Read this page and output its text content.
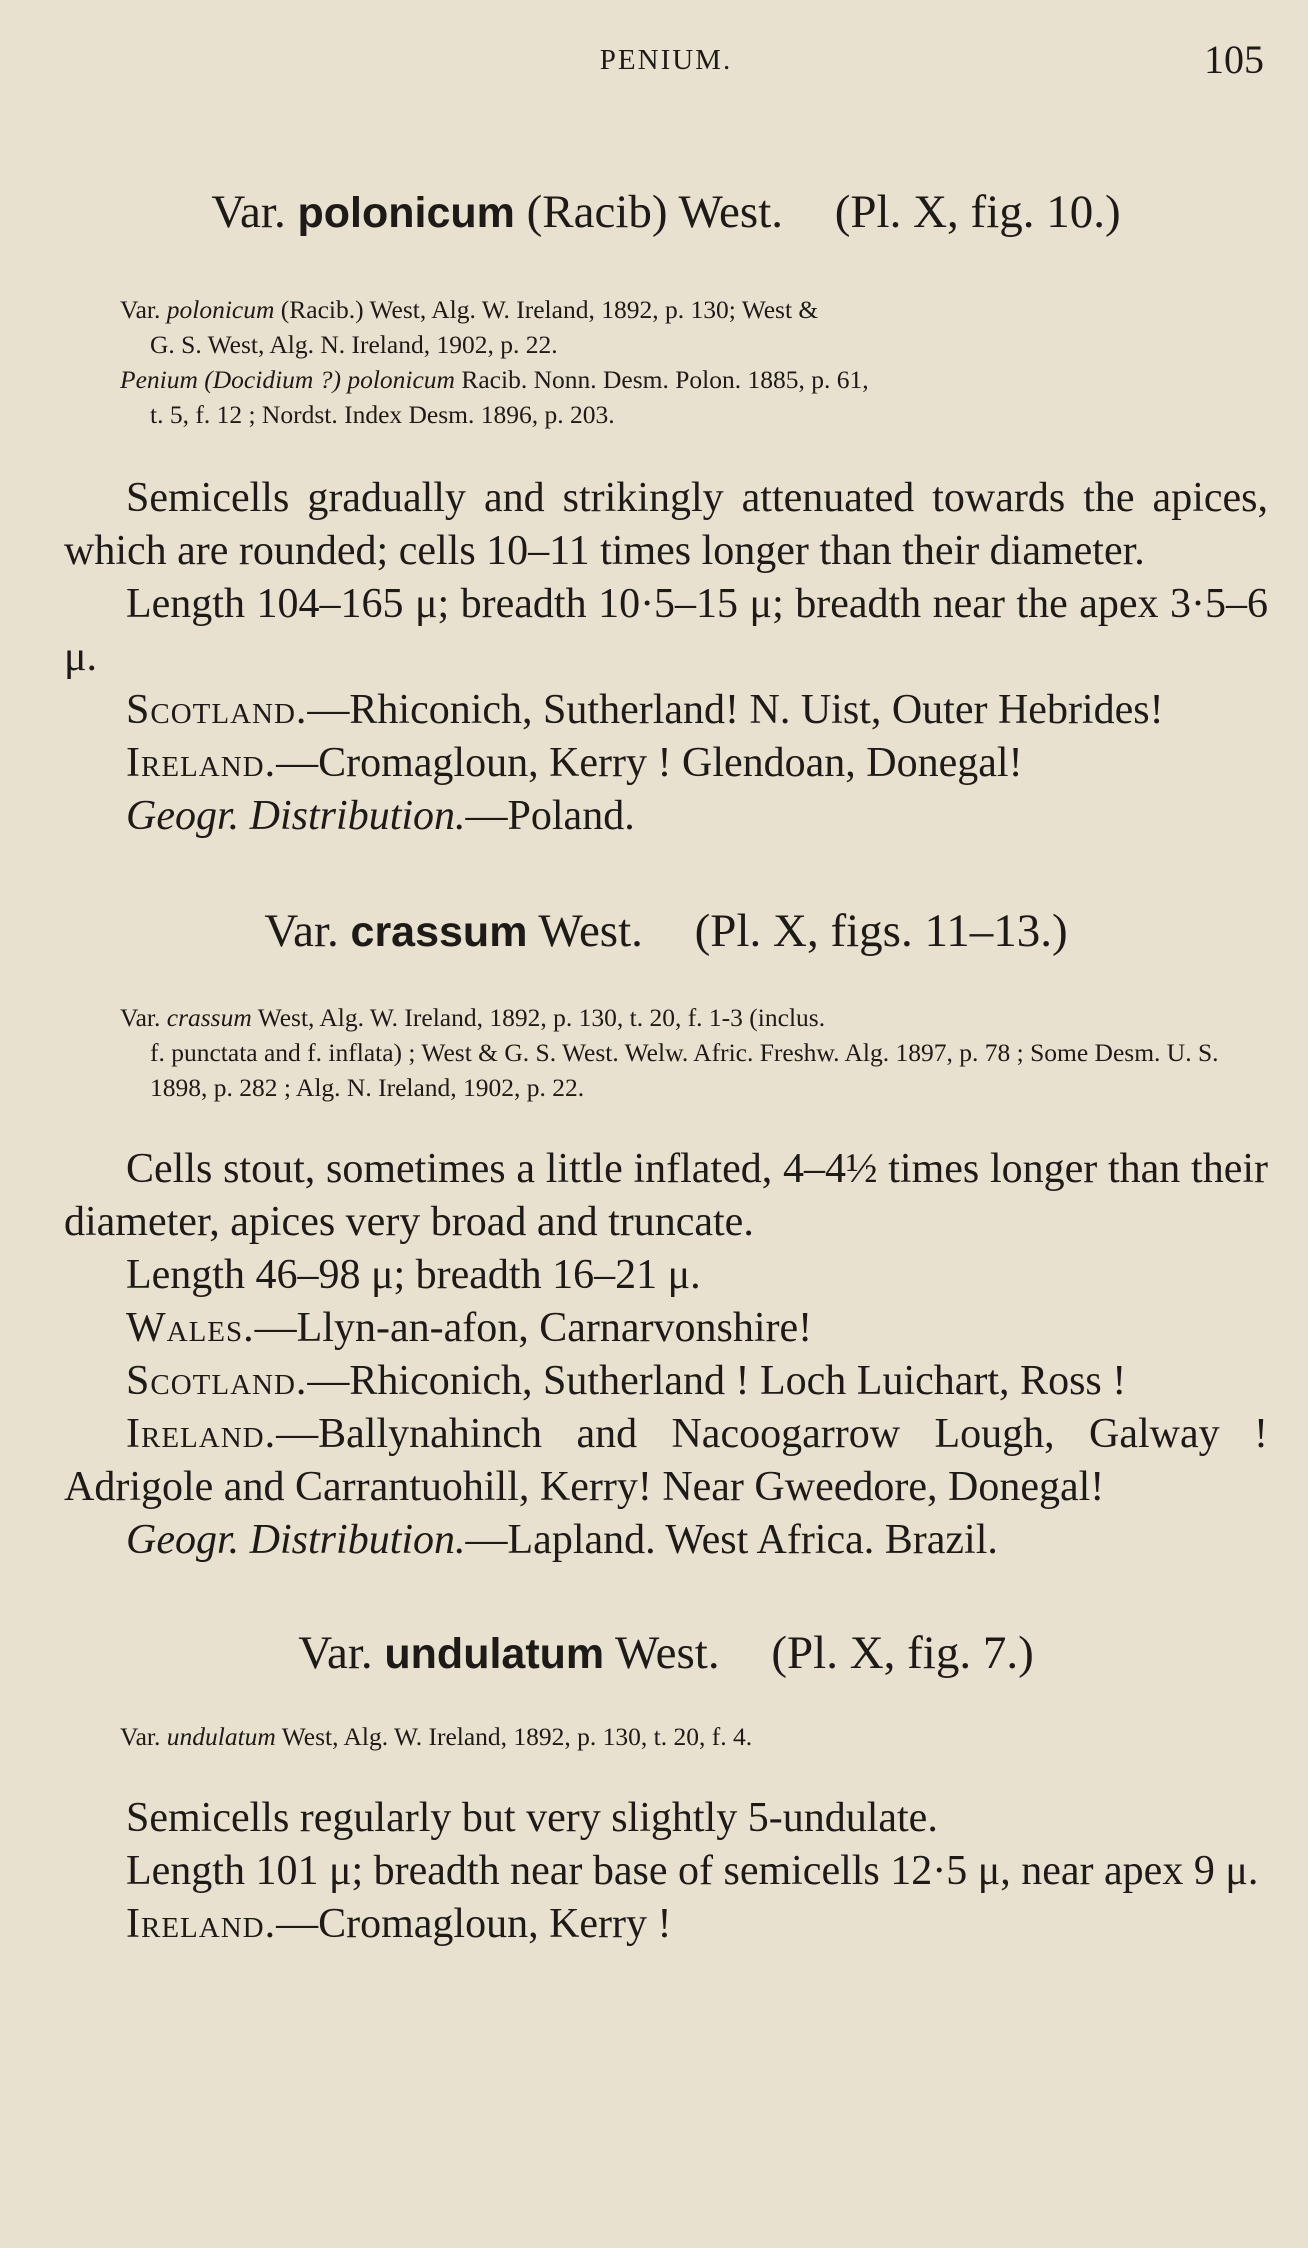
PENIUM.	105
Var. polonicum (Racib) West. (Pl. X, fig. 10.)

Var. polonicum (Racib.) West, Alg. W. Ireland, 1892, p. 130; West &
G. S. West, Alg. N. Ireland, 1902, p. 22.

Penium (Docidium ?) polonicum Racib. Nonn. Desm. Polon. 1885, p. 61,
t. 5, f. 12 ; Nordst. Index Desm. 1896, p. 203.

Semicells gradually and strikingly attenuated towards the apices, which are rounded; cells 10–11 times longer than their diameter.

Length 104–165 μ; breadth 10·5–15 μ; breadth near the apex 3·5–6 μ.

Scotland.—Rhiconich, Sutherland! N. Uist, Outer Hebrides!

Ireland.—Cromagloun, Kerry ! Glendoan, Donegal!

Geogr. Distribution.—Poland.

Var. crassum West. (Pl. X, figs. 11–13.)

Var. crassum West, Alg. W. Ireland, 1892, p. 130, t. 20, f. 1-3 (inclus.
f. punctata and f. inflata) ; West & G. S. West. Welw. Afric. Freshw. Alg. 1897, p. 78 ; Some Desm. U. S. 1898, p. 282 ; Alg. N. Ireland, 1902, p. 22.

Cells stout, sometimes a little inflated, 4–4½ times longer than their diameter, apices very broad and truncate.

Length 46–98 μ; breadth 16–21 μ.

Wales.—Llyn-an-afon, Carnarvonshire!

Scotland.—Rhiconich, Sutherland ! Loch Luichart, Ross !

Ireland.—Ballynahinch and Nacoogarrow Lough, Galway ! Adrigole and Carrantuohill, Kerry! Near Gweedore, Donegal!

Geogr. Distribution.—Lapland. West Africa. Brazil.

Var. undulatum West. (Pl. X, fig. 7.)

Var. undulatum West, Alg. W. Ireland, 1892, p. 130, t. 20, f. 4.

Semicells regularly but very slightly 5-undulate.

Length 101 μ; breadth near base of semicells 12·5 μ, near apex 9 μ.

Ireland.—Cromagloun, Kerry !
